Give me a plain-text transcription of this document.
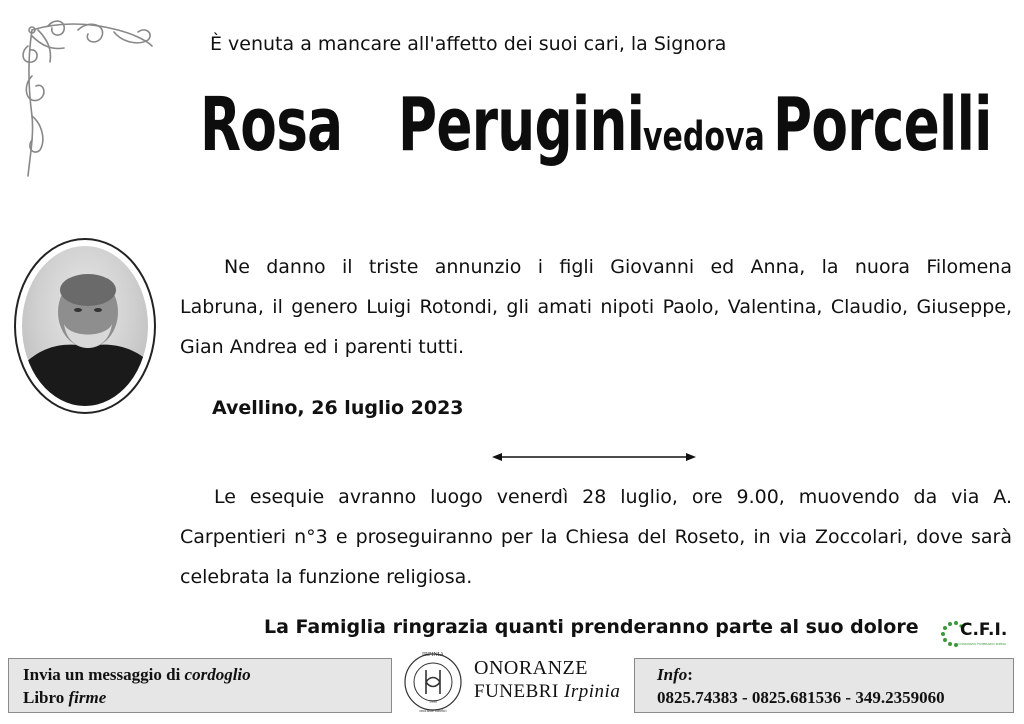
È venuta a mancare all'affetto dei suoi cari, la Signora
Rosa Perugini
vedova Porcelli
Ne danno il triste annunzio i figli Giovanni ed Anna, la nuora Filomena
Labruna, il genero Luigi Rotondi, gli amati nipoti Paolo, Valentina, Claudio, Giuseppe, Gian Andrea ed i parenti tutti.
Avellino, 26 luglio 2023
Le esequie avranno luogo venerdì 28 luglio, ore 9.00, muovendo da via A.
Carpentieri n°3 e proseguiranno per la Chiesa del Roseto, in via Zoccolari, dove sarà celebrata la funzione religiosa.
La Famiglia ringrazia quanti prenderanno parte al suo dolore C.F.I.
CONSORZIO FUNERARIO IRPINO
Invia un messaggio di cordoglio
Libro firme
IRPINIA
onoranze funebri
1990
ONORANZE
FUNEBRI Irpinia
Info:
0825.74383 - 0825.681536 - 349.2359060
